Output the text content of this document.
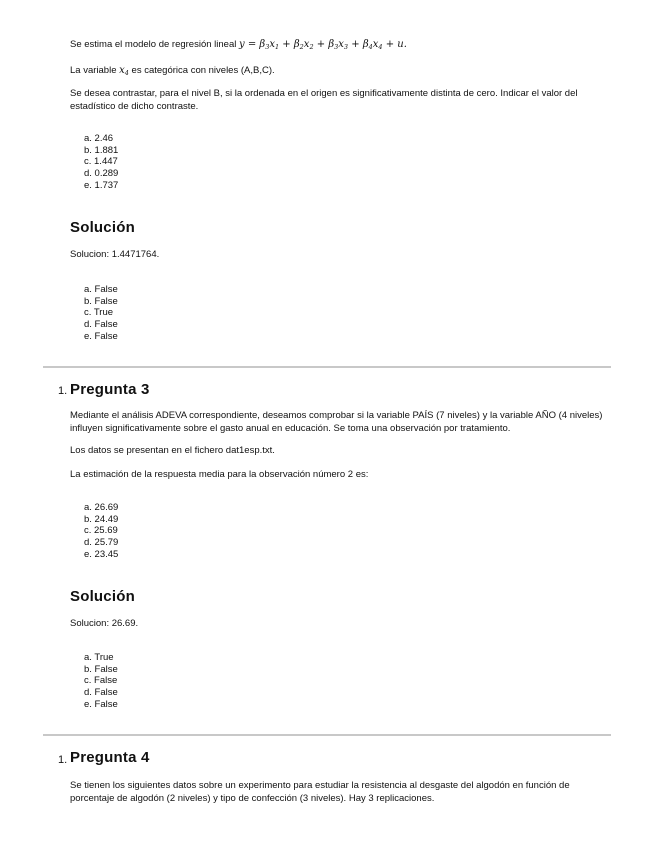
Se estima el modelo de regresión lineal $y = \beta_3x_1 + \beta_2x_2 + \beta_3x_3 + \beta_4x_4 + u$.

La variable $x_4$ es categórica con niveles (A,B,C).

Se desea contrastar, para el nivel B, si la ordenada en el origen es significativamente distinta de cero. Indicar el valor del estadístico de dicho contraste.

a. 2.46
b. 1.881
c. 1.447
d. 0.289
e. 1.737
Solución

Solucion: 1.4471764.

a. False
b. False
c. True
d. False
e. False
1. Pregunta 3

Mediante el análisis ADEVA correspondiente, deseamos comprobar si la variable PAÍS (7 niveles) y la variable AÑO (4 niveles) influyen significativamente sobre el gasto anual en educación. Se toma una observación por tratamiento.

Los datos se presentan en el fichero dat1esp.txt.

La estimación de la respuesta media para la observación número 2 es:

a. 26.69
b. 24.49
c. 25.69
d. 25.79
e. 23.45
Solución

Solucion: 26.69.

a. True
b. False
c. False
d. False
e. False
1. Pregunta 4

Se tienen los siguientes datos sobre un experimento para estudiar la resistencia al desgaste del algodón en función de porcentaje de algodón (2 niveles) y tipo de confección (3 niveles). Hay 3 replicaciones.
